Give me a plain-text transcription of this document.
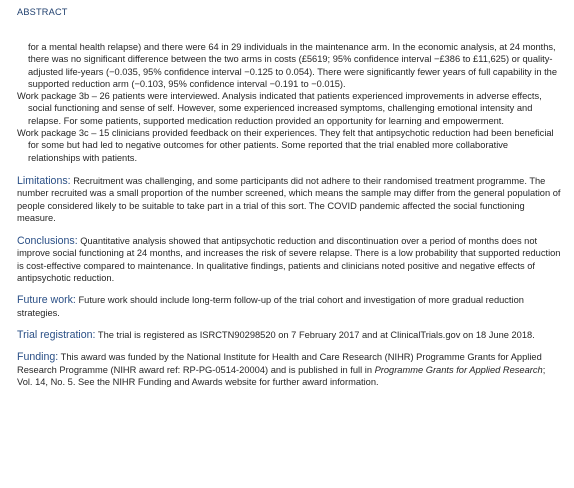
ABSTRACT

for a mental health relapse) and there were 64 in 29 individuals in the maintenance arm. In the economic analysis, at 24 months, there was no significant difference between the two arms in costs (£5619; 95% confidence interval −£386 to £11,625) or quality-adjusted life-years (−0.035, 95% confidence interval −0.125 to 0.054). There were significantly fewer years of full capability in the supported reduction arm (−0.103, 95% confidence interval −0.191 to −0.015).

Work package 3b – 26 patients were interviewed. Analysis indicated that patients experienced improvements in adverse effects, social functioning and sense of self. However, some experienced increased symptoms, challenging emotional intensity and relapse. For some patients, supported medication reduction provided an opportunity for learning and empowerment.

Work package 3c – 15 clinicians provided feedback on their experiences. They felt that antipsychotic reduction had been beneficial for some but had led to negative outcomes for other patients. Some reported that the trial enabled more collaborative relationships with patients.

Limitations: Recruitment was challenging, and some participants did not adhere to their randomised treatment programme. The number recruited was a small proportion of the number screened, which means the sample may differ from the general population of people considered likely to be suitable to take part in a trial of this sort. The COVID pandemic affected the social functioning measure.

Conclusions: Quantitative analysis showed that antipsychotic reduction and discontinuation over a period of months does not improve social functioning at 24 months, and increases the risk of severe relapse. There is a low probability that supported reduction is cost-effective compared to maintenance. In qualitative findings, patients and clinicians noted positive and negative effects of antipsychotic reduction.

Future work: Future work should include long-term follow-up of the trial cohort and investigation of more gradual reduction strategies.

Trial registration: The trial is registered as ISRCTN90298520 on 7 February 2017 and at ClinicalTrials.gov on 18 June 2018.

Funding: This award was funded by the National Institute for Health and Care Research (NIHR) Programme Grants for Applied Research Programme (NIHR award ref: RP-PG-0514-20004) and is published in full in Programme Grants for Applied Research; Vol. 14, No. 5. See the NIHR Funding and Awards website for further award information.
